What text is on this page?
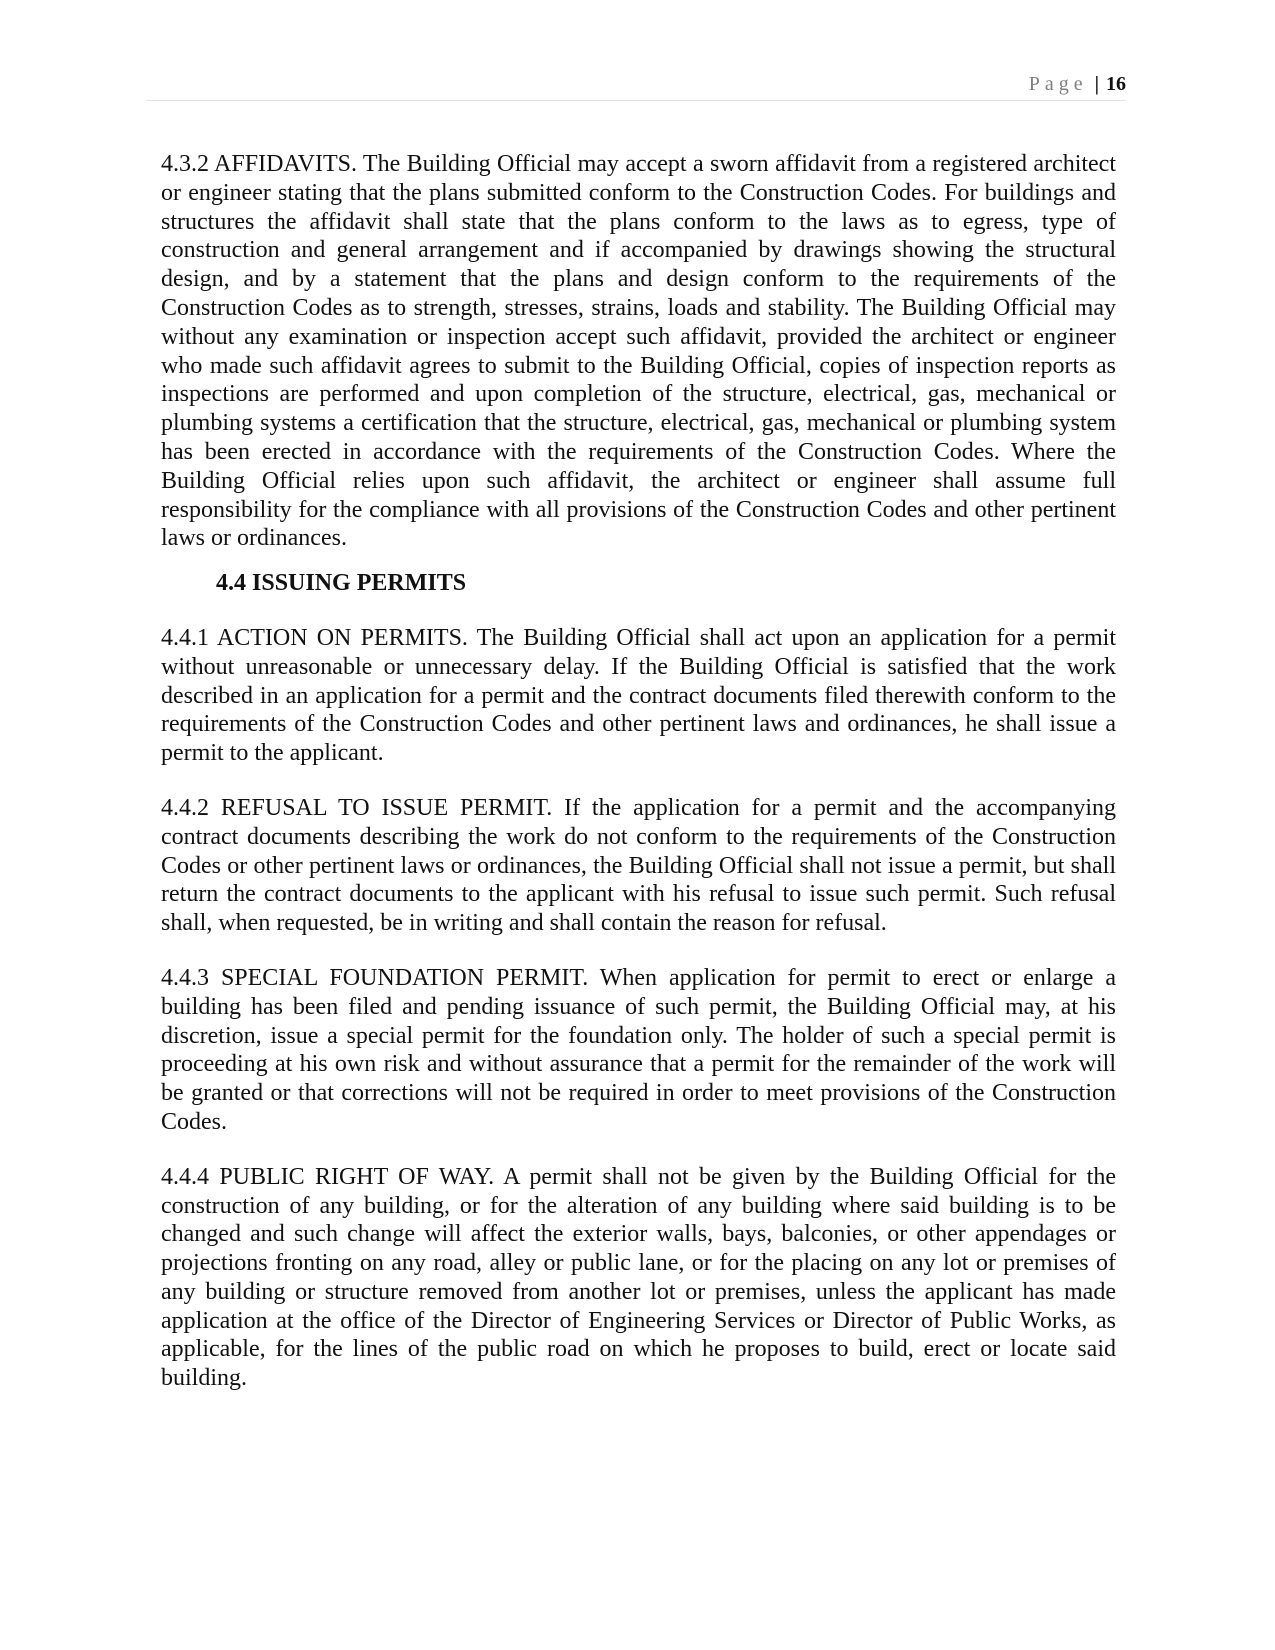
Page | 16

4.3.2 AFFIDAVITS. The Building Official may accept a sworn affidavit from a registered architect or engineer stating that the plans submitted conform to the Construction Codes. For buildings and structures the affidavit shall state that the plans conform to the laws as to egress, type of construction and general arrangement and if accompanied by drawings showing the structural design, and by a statement that the plans and design conform to the requirements of the Construction Codes as to strength, stresses, strains, loads and stability. The Building Official may without any examination or inspection accept such affidavit, provided the architect or engineer who made such affidavit agrees to submit to the Building Official, copies of inspection reports as inspections are performed and upon completion of the structure, electrical, gas, mechanical or plumbing systems a certification that the structure, electrical, gas, mechanical or plumbing system has been erected in accordance with the requirements of the Construction Codes. Where the Building Official relies upon such affidavit, the architect or engineer shall assume full responsibility for the compliance with all provisions of the Construction Codes and other pertinent laws or ordinances.

4.4 ISSUING PERMITS

4.4.1 ACTION ON PERMITS. The Building Official shall act upon an application for a permit without unreasonable or unnecessary delay. If the Building Official is satisfied that the work described in an application for a permit and the contract documents filed therewith conform to the requirements of the Construction Codes and other pertinent laws and ordinances, he shall issue a permit to the applicant.

4.4.2 REFUSAL TO ISSUE PERMIT. If the application for a permit and the accompanying contract documents describing the work do not conform to the requirements of the Construction Codes or other pertinent laws or ordinances, the Building Official shall not issue a permit, but shall return the contract documents to the applicant with his refusal to issue such permit. Such refusal shall, when requested, be in writing and shall contain the reason for refusal.

4.4.3 SPECIAL FOUNDATION PERMIT. When application for permit to erect or enlarge a building has been filed and pending issuance of such permit, the Building Official may, at his discretion, issue a special permit for the foundation only. The holder of such a special permit is proceeding at his own risk and without assurance that a permit for the remainder of the work will be granted or that corrections will not be required in order to meet provisions of the Construction Codes.

4.4.4 PUBLIC RIGHT OF WAY. A permit shall not be given by the Building Official for the construction of any building, or for the alteration of any building where said building is to be changed and such change will affect the exterior walls, bays, balconies, or other appendages or projections fronting on any road, alley or public lane, or for the placing on any lot or premises of any building or structure removed from another lot or premises, unless the applicant has made application at the office of the Director of Engineering Services or Director of Public Works, as applicable, for the lines of the public road on which he proposes to build, erect or locate said building.
